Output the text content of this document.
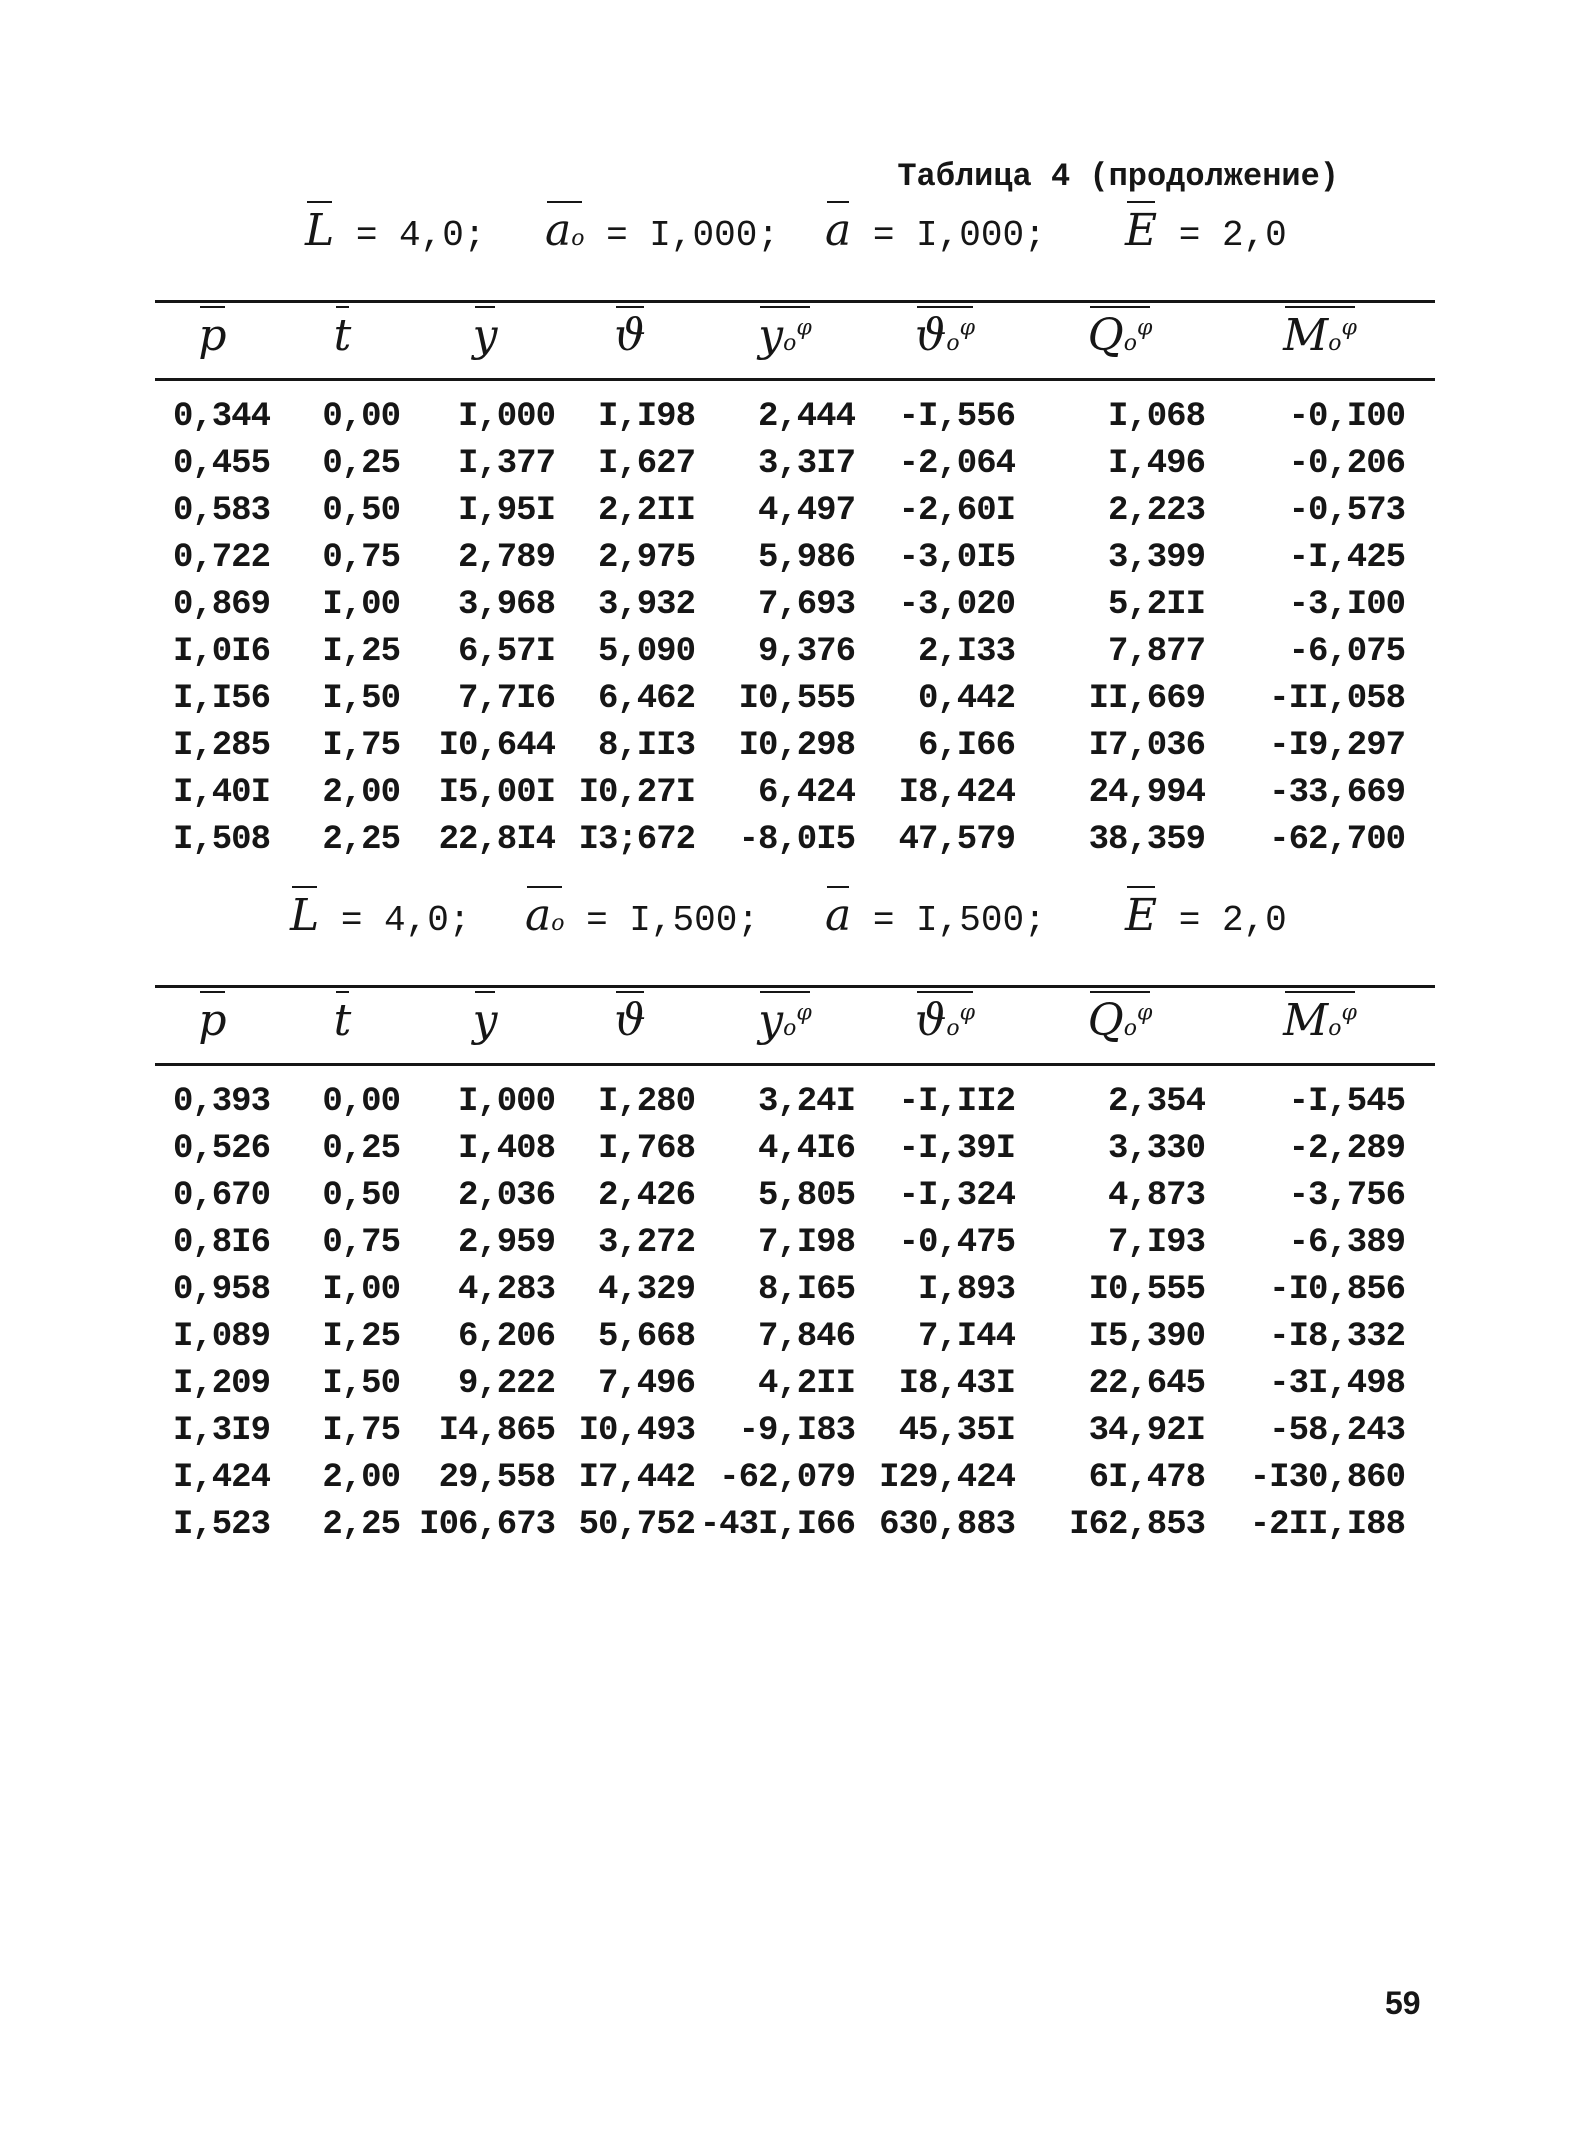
Таблица 4 (продолжение)
L = 4,0; ao = I,000; a = I,000; E = 2,0
p	t	y	ϑ	$yo^\varphi$	$ϑo^\varphi$	$Qo^\varphi$	$Mo^\varphi$
0,344 0,00 I,000 I,I98 2,444 -I,556	I,068 -0,I00
0,455 0,25 I,377 I,627 3,3I7 -2,064	I,496 -0,206
0,583 0,50 I,95I 2,2II 4,497 -2,60I	2,223 -0,573
0,722 0,75 2,789 2,975 5,986 -3,0I5	3,399 -I,425
0,869 I,00 3,968 3,932 7,693 -3,020	5,2II -3,I00
I,0I6 I,25 6,57I 5,090 9,376 2,I33	7,877 -6,075
I,I56 I,50 7,7I6 6,462 I0,555 0,442 II,669 -II,058
I,285 I,75 I0,644 8,II3 I0,298 6,I66 I7,036 -I9,297
I,40I 2,00 I5,00I I0,27I 6,424 I8,424 24,994 -33,669
I,508 2,25 22,8I4 I3;672 -8,0I5 47,579 38,359 -62,700
L = 4,0; ao = I,500; a = I,500; E = 2,0
p	t	y	ϑ	$yo^\varphi$	$ϑo^\varphi$	$Qo^\varphi$	$Mo^\varphi$
0,393 0,00 I,000 I,280 3,24I -I,II2	2,354 -I,545
0,526 0,25 I,408 I,768 4,4I6 -I,39I	3,330 -2,289
0,670 0,50 2,036 2,426 5,805 -I,324	4,873 -3,756
0,8I6 0,75 2,959 3,272 7,I98 -0,475	7,I93 -6,389
0,958 I,00 4,283 4,329 8,I65 I,893 I0,555 -I0,856
I,089 I,25 6,206 5,668 7,846 7,I44 I5,390 -I8,332
I,209 I,50 9,222 7,496 4,2II I8,43I 22,645 -3I,498
I,3I9 I,75 I4,865 I0,493 -9,I83 45,35I 34,92I -58,243
I,424 2,00 29,558 I7,442 -62,079 I29,424 6I,478 -I30,860
I,523 2,25 I06,673 50,752 -43I,I66 630,883 I62,853 -2II,I88
59
